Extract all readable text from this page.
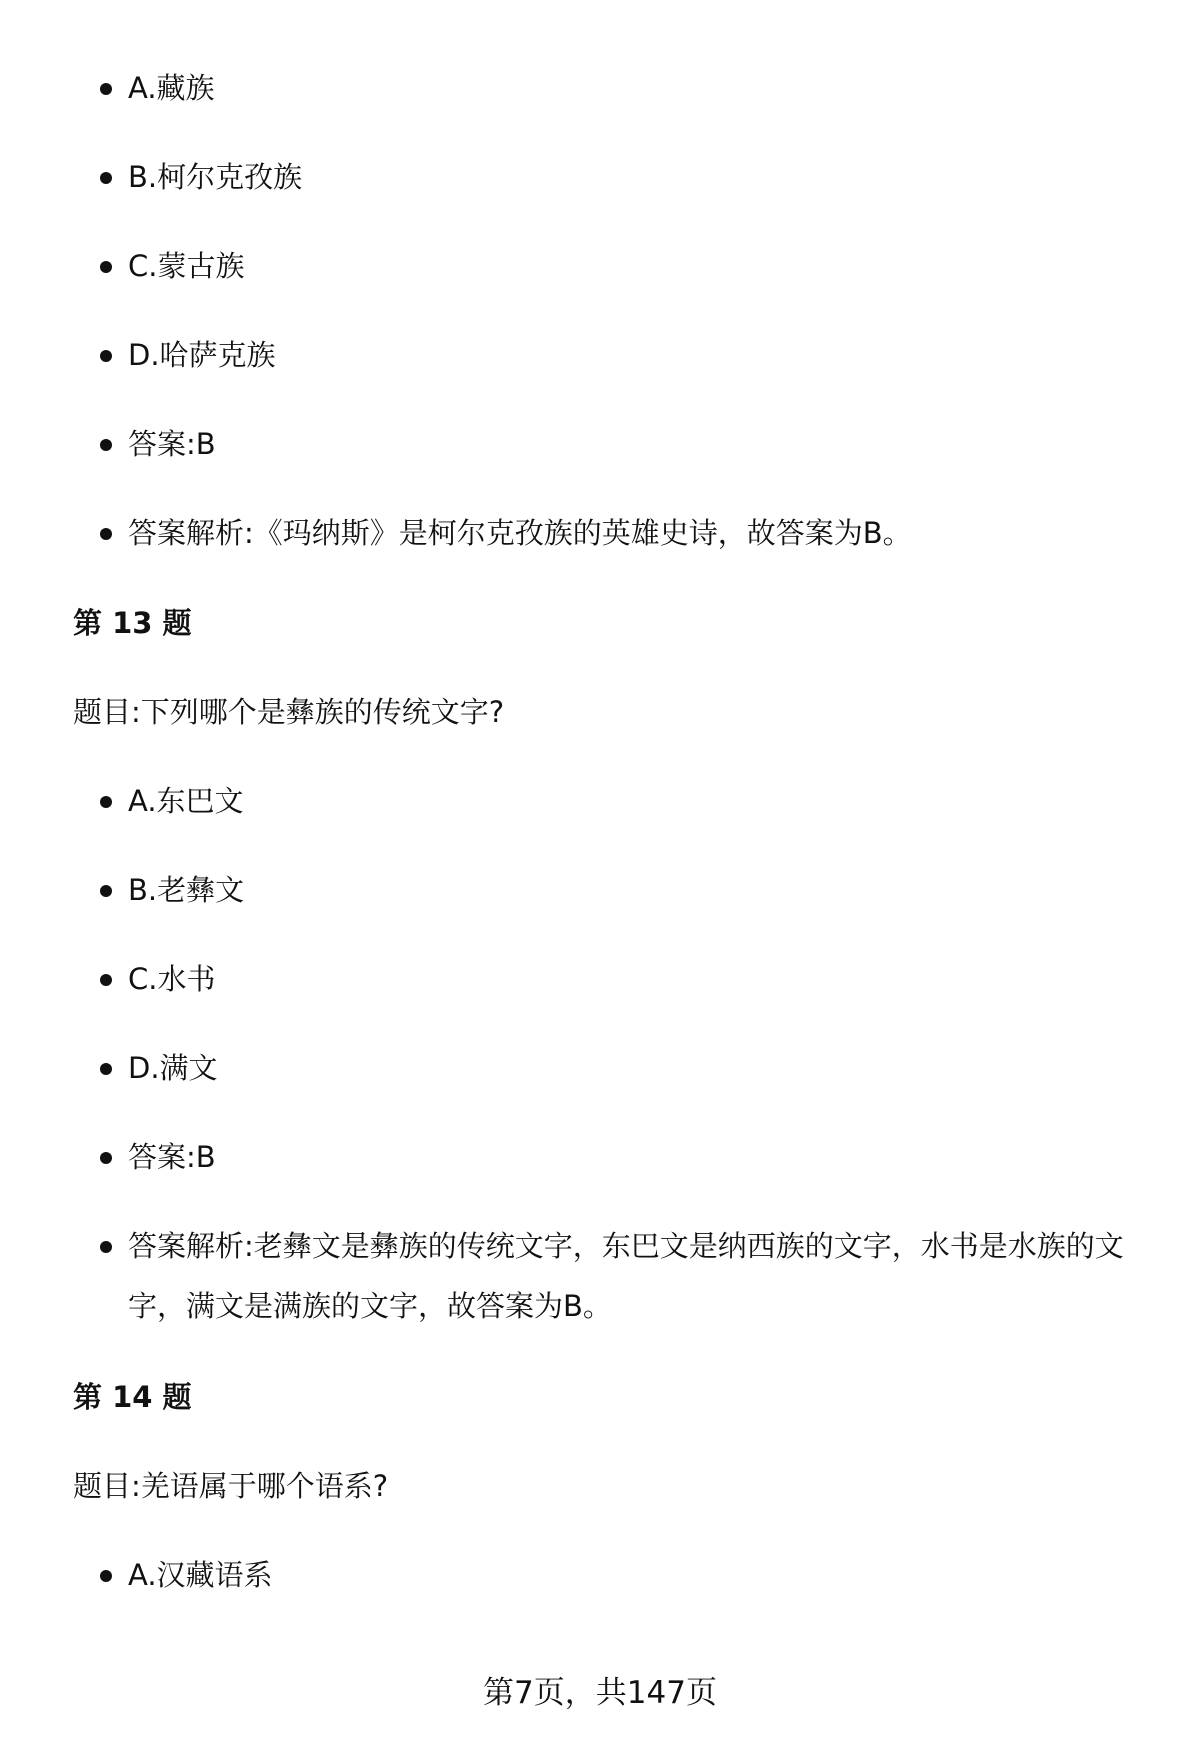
A.藏族
B.柯尔克孜族
C.蒙古族
D.哈萨克族
答案:B
答案解析:《玛纳斯》是柯尔克孜族的英雄史诗，故答案为B。
第 13 题
题目:下列哪个是彝族的传统文字?
A.东巴文
B.老彝文
C.水书
D.满文
答案:B
答案解析:老彝文是彝族的传统文字，东巴文是纳西族的文字，水书是水族的文字，满文是满族的文字，故答案为B。
第 14 题
题目:羌语属于哪个语系?
A.汉藏语系
第7页，共147页
